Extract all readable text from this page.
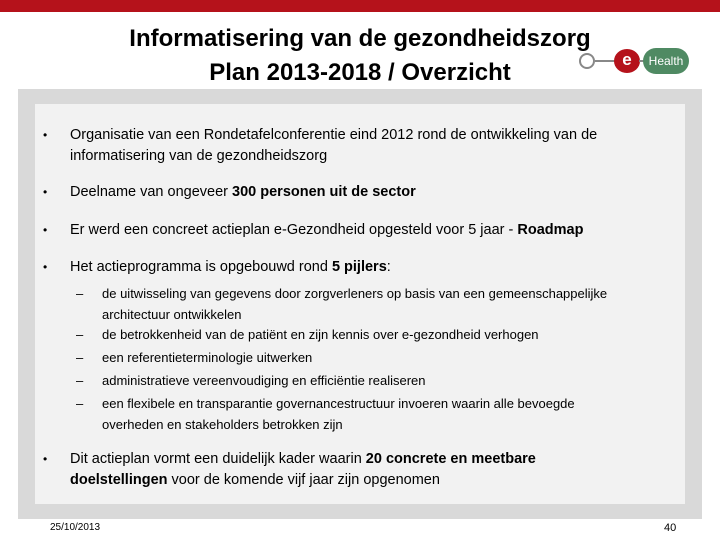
Informatisering van de gezondheidszorg
Plan 2013-2018 / Overzicht	e	Health
• Organisatie van een Rondetafelconferentie eind 2012 rond de ontwikkeling van de
informatisering van de gezondheidszorg
• Deelname van ongeveer 300 personen uit de sector
• Er werd een concreet actieplan e-Gezondheid opgesteld voor 5 jaar - Roadmap
• Het actieprogramma is opgebouwd rond 5 pijlers:
– de uitwisseling van gegevens door zorgverleners op basis van een gemeenschappelijke
architectuur ontwikkelen
– de betrokkenheid van de patiënt en zijn kennis over e-gezondheid verhogen
– een referentieterminologie uitwerken
– administratieve vereenvoudiging en efficiëntie realiseren
– een flexibele en transparantie governancestructuur invoeren waarin alle bevoegde
overheden en stakeholders betrokken zijn
• Dit actieplan vormt een duidelijk kader waarin 20 concrete en meetbare
doelstellingen voor de komende vijf jaar zijn opgenomen
25/10/2013	40
